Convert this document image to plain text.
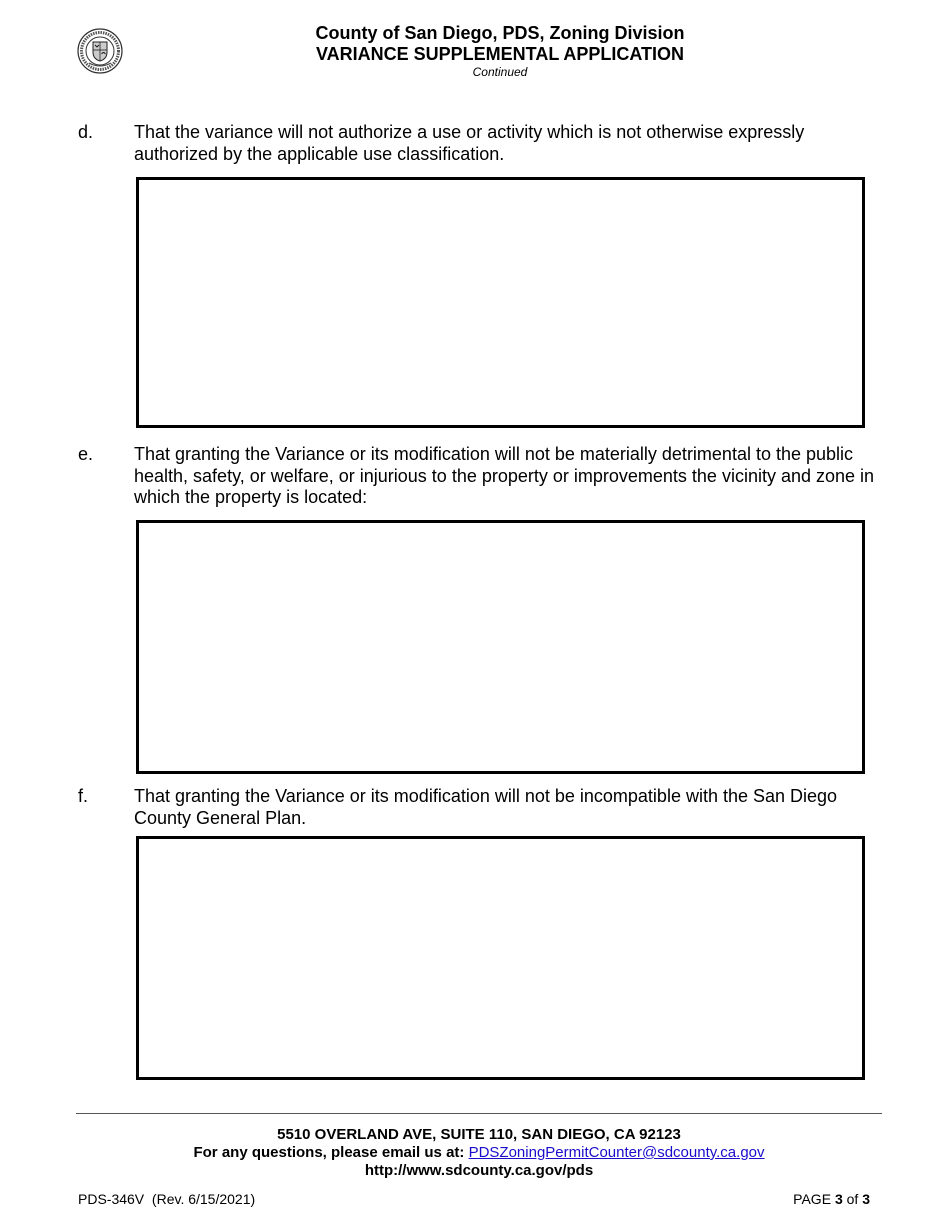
County of San Diego, PDS, Zoning Division
VARIANCE SUPPLEMENTAL APPLICATION
Continued
d. That the variance will not authorize a use or activity which is not otherwise expressly authorized by the applicable use classification.
e. That granting the Variance or its modification will not be materially detrimental to the public health, safety, or welfare, or injurious to the property or improvements the vicinity and zone in which the property is located:
f.	That granting the Variance or its modification will not be incompatible with the San Diego County General Plan.
5510 OVERLAND AVE, SUITE 110, SAN DIEGO, CA 92123
For any questions, please email us at: PDSZoningPermitCounter@sdcounty.ca.gov
http://www.sdcounty.ca.gov/pds
PDS-346V  (Rev. 6/15/2021)	PAGE 3 of 3
